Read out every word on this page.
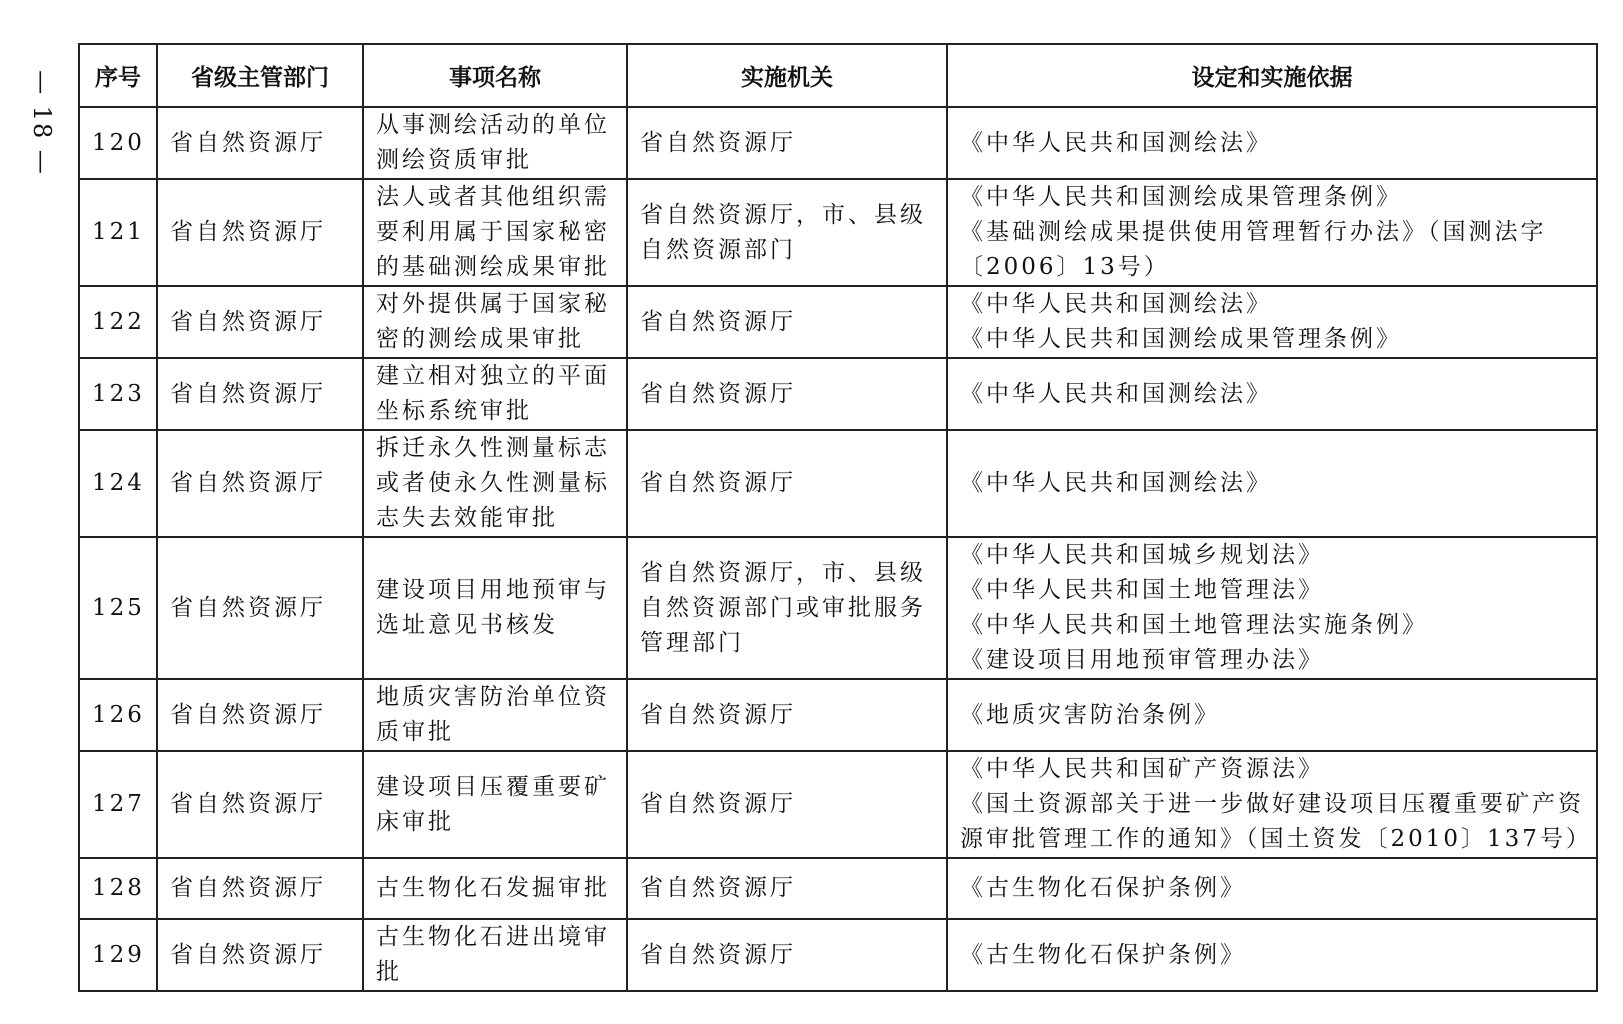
— 18 — 序号	省级主管部门	事项名称	实施机关	设定和实施依据
120	省自然资源厅	从事测绘活动的单位测绘资质审批	省自然资源厅	《中华人民共和国测绘法》

121	省自然资源厅	法人或者其他组织需要利用属于国家秘密的基础测绘成果审批	省自然资源厅，市、县级自然资源部门	《中华人民共和国测绘成果管理条例》
《基础测绘成果提供使用管理暂行办法》（国测法字〔2006〕13号）

122	省自然资源厅	对外提供属于国家秘密的测绘成果审批	省自然资源厅	《中华人民共和国测绘法》
《中华人民共和国测绘成果管理条例》

123	省自然资源厅	建立相对独立的平面坐标系统审批	省自然资源厅	《中华人民共和国测绘法》

124	省自然资源厅	拆迁永久性测量标志或者使永久性测量标志失去效能审批	省自然资源厅	《中华人民共和国测绘法》

125	省自然资源厅	建设项目用地预审与选址意见书核发	省自然资源厅，市、县级自然资源部门或审批服务管理部门	《中华人民共和国城乡规划法》
《中华人民共和国土地管理法》
《中华人民共和国土地管理法实施条例》
《建设项目用地预审管理办法》

126	省自然资源厅	地质灾害防治单位资质审批	省自然资源厅	《地质灾害防治条例》

127	省自然资源厅	建设项目压覆重要矿床审批	省自然资源厅	《中华人民共和国矿产资源法》
《国土资源部关于进一步做好建设项目压覆重要矿产资源审批管理工作的通知》（国土资发〔2010〕137号）

128	省自然资源厅	古生物化石发掘审批	省自然资源厅	《古生物化石保护条例》

129	省自然资源厅	古生物化石进出境审批	省自然资源厅	《古生物化石保护条例》
